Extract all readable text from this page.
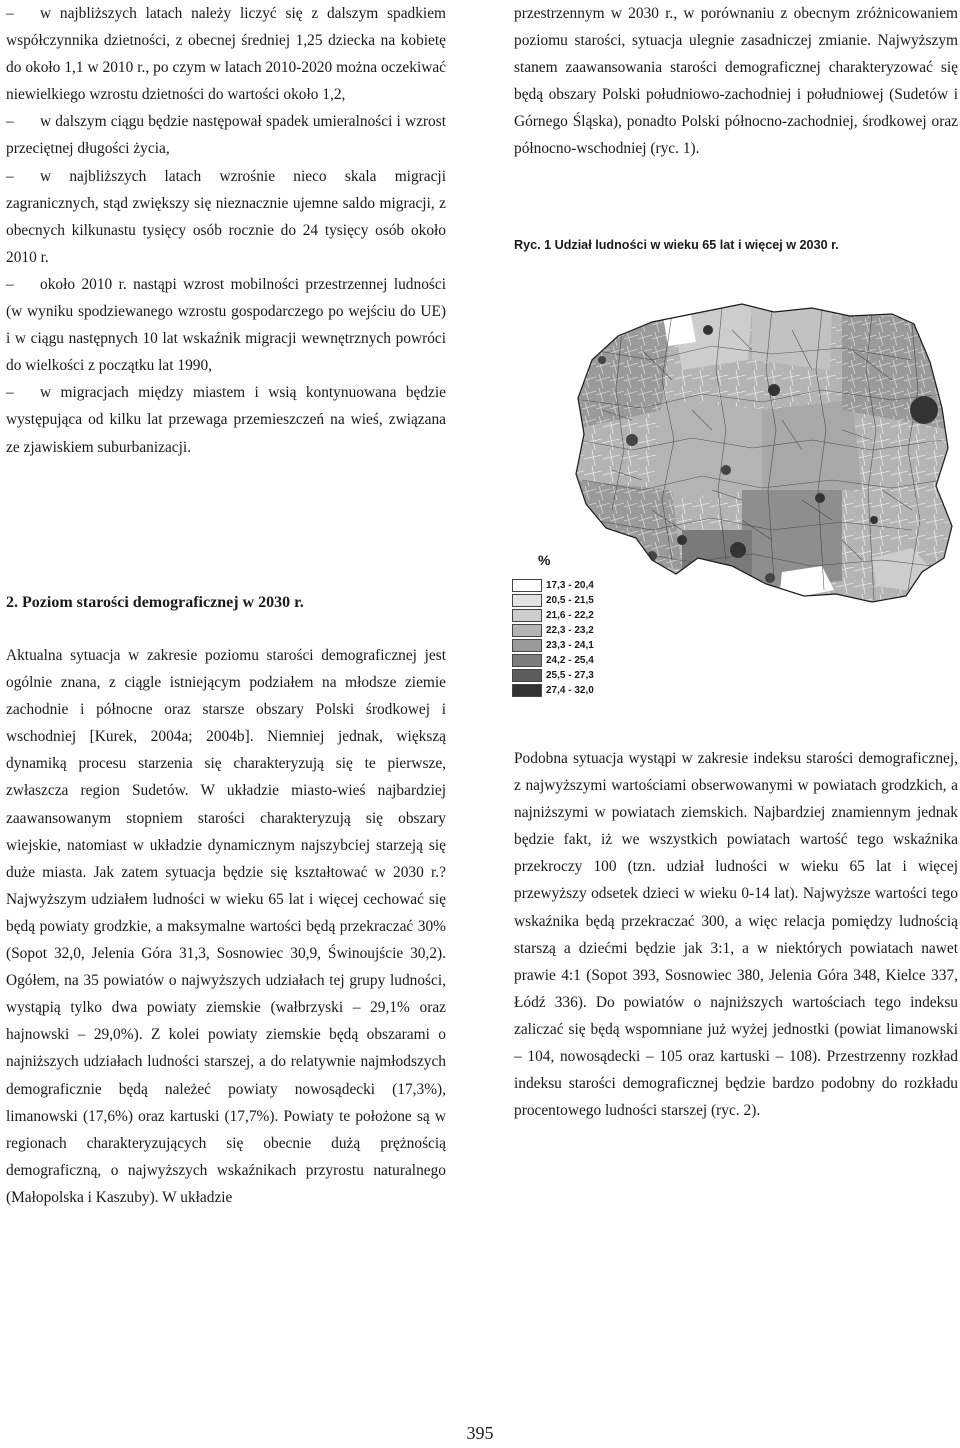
– w najbliższych latach należy liczyć się z dalszym spadkiem współczynnika dzietności, z obecnej średniej 1,25 dziecka na kobietę do około 1,1 w 2010 r., po czym w latach 2010-2020 można oczekiwać niewielkiego wzrostu dzietności do wartości około 1,2,
– w dalszym ciągu będzie następował spadek umieralności i wzrost przeciętnej długości życia,
– w najbliższych latach wzrośnie nieco skala migracji zagranicznych, stąd zwiększy się nieznacznie ujemne saldo migracji, z obecnych kilkunastu tysięcy osób rocznie do 24 tysięcy osób około 2010 r.
– około 2010 r. nastąpi wzrost mobilności przestrzennej ludności (w wyniku spodziewanego wzrostu gospodarczego po wejściu do UE) i w ciągu następnych 10 lat wskaźnik migracji wewnętrznych powróci do wielkości z początku lat 1990,
– w migracjach między miastem i wsią kontynuowana będzie występująca od kilku lat przewaga przemieszczeń na wieś, związana ze zjawiskiem suburbanizacji.
2. Poziom starości demograficznej w 2030 r.

Aktualna sytuacja w zakresie poziomu starości demograficznej jest ogólnie znana, z ciągle istniejącym podziałem na młodsze ziemie zachodnie i północne oraz starsze obszary Polski środkowej i wschodniej [Kurek, 2004a; 2004b]. Niemniej jednak, większą dynamiką procesu starzenia się charakteryzują się te pierwsze, zwłaszcza region Sudetów. W układzie miasto-wieś najbardziej zaawansowanym stopniem starości charakteryzują się obszary wiejskie, natomiast w układzie dynamicznym najszybciej starzeją się duże miasta. Jak zatem sytuacja będzie się kształtować w 2030 r.? Najwyższym udziałem ludności w wieku 65 lat i więcej cechować się będą powiaty grodzkie, a maksymalne wartości będą przekraczać 30% (Sopot 32,0, Jelenia Góra 31,3, Sosnowiec 30,9, Świnoujście 30,2). Ogółem, na 35 powiatów o najwyższych udziałach tej grupy ludności, wystąpią tylko dwa powiaty ziemskie (wałbrzyski – 29,1% oraz hajnowski – 29,0%). Z kolei powiaty ziemskie będą obszarami o najniższych udziałach ludności starszej, a do relatywnie najmłodszych demograficznie będą należeć powiaty nowosądecki (17,3%), limanowski (17,6%) oraz kartuski (17,7%). Powiaty te położone są w regionach charakteryzujących się obecnie dużą prężnością demograficzną, o najwyższych wskaźnikach przyrostu naturalnego (Małopolska i Kaszuby). W układzie

przestrzennym w 2030 r., w porównaniu z obecnym zróżnicowaniem poziomu starości, sytuacja ulegnie zasadniczej zmianie. Najwyższym stanem zaawansowania starości demograficznej charakteryzować się będą obszary Polski południowo-zachodniej i południowej (Sudetów i Górnego Śląska), ponadto Polski północno-zachodniej, środkowej oraz północno-wschodniej (ryc. 1).

Ryc. 1 Udział ludności w wieku 65 lat i więcej w 2030 r.

%

17,3 - 20,4
20,5 - 21,5
21,6 - 22,2
22,3 - 23,2
23,3 - 24,1
24,2 - 25,4
25,5 - 27,3
27,4 - 32,0

Podobna sytuacja wystąpi w zakresie indeksu starości demograficznej, z najwyższymi wartościami obserwowanymi w powiatach grodzkich, a najniższymi w powiatach ziemskich. Najbardziej znamiennym jednak będzie fakt, iż we wszystkich powiatach wartość tego wskaźnika przekroczy 100 (tzn. udział ludności w wieku 65 lat i więcej przewyższy odsetek dzieci w wieku 0-14 lat). Najwyższe wartości tego wskaźnika będą przekraczać 300, a więc relacja pomiędzy ludnością starszą a dziećmi będzie jak 3:1, a w niektórych powiatach nawet prawie 4:1 (Sopot 393, Sosnowiec 380, Jelenia Góra 348, Kielce 337, Łódź 336). Do powiatów o najniższych wartościach tego indeksu zaliczać się będą wspomniane już wyżej jednostki (powiat limanowski – 104, nowosądecki – 105 oraz kartuski – 108). Przestrzenny rozkład indeksu starości demograficznej będzie bardzo podobny do rozkładu procentowego ludności starszej (ryc. 2).

395
